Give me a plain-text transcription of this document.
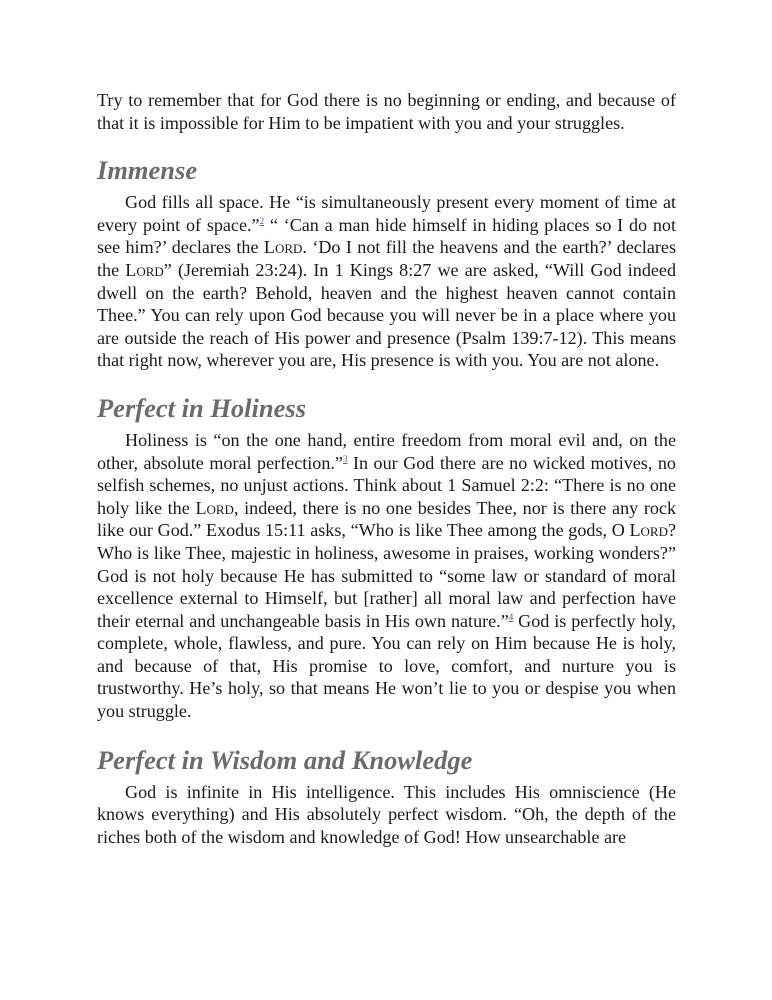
Try to remember that for God there is no beginning or ending, and because of that it is impossible for Him to be impatient with you and your struggles.

Immense

God fills all space. He “is simultaneously present every moment of time at every point of space.”$^2$ “ ‘Can a man hide himself in hiding places so I do not see him?’ declares the Lord. ‘Do I not fill the heavens and the earth?’ declares the Lord” (Jeremiah 23:24). In 1 Kings 8:27 we are asked, “Will God indeed dwell on the earth? Behold, heaven and the highest heaven cannot contain Thee.” You can rely upon God because you will never be in a place where you are outside the reach of His power and presence (Psalm 139:7-12). This means that right now, wherever you are, His presence is with you. You are not alone.

Perfect in Holiness

Holiness is “on the one hand, entire freedom from moral evil and, on the other, absolute moral perfection.”$^3$ In our God there are no wicked motives, no selfish schemes, no unjust actions. Think about 1 Samuel 2:2: “There is no one holy like the Lord, indeed, there is no one besides Thee, nor is there any rock like our God.” Exodus 15:11 asks, “Who is like Thee among the gods, O Lord? Who is like Thee, majestic in holiness, awesome in praises, working wonders?” God is not holy because He has submitted to “some law or standard of moral excellence external to Himself, but [rather] all moral law and perfection have their eternal and unchangeable basis in His own nature.”$^4$ God is perfectly holy, complete, whole, flawless, and pure. You can rely on Him because He is holy, and because of that, His promise to love, comfort, and nurture you is trustworthy. He’s holy, so that means He won’t lie to you or despise you when you struggle.

Perfect in Wisdom and Knowledge

God is infinite in His intelligence. This includes His omniscience (He knows everything) and His absolutely perfect wisdom. “Oh, the depth of the riches both of the wisdom and knowledge of God! How unsearchable are
